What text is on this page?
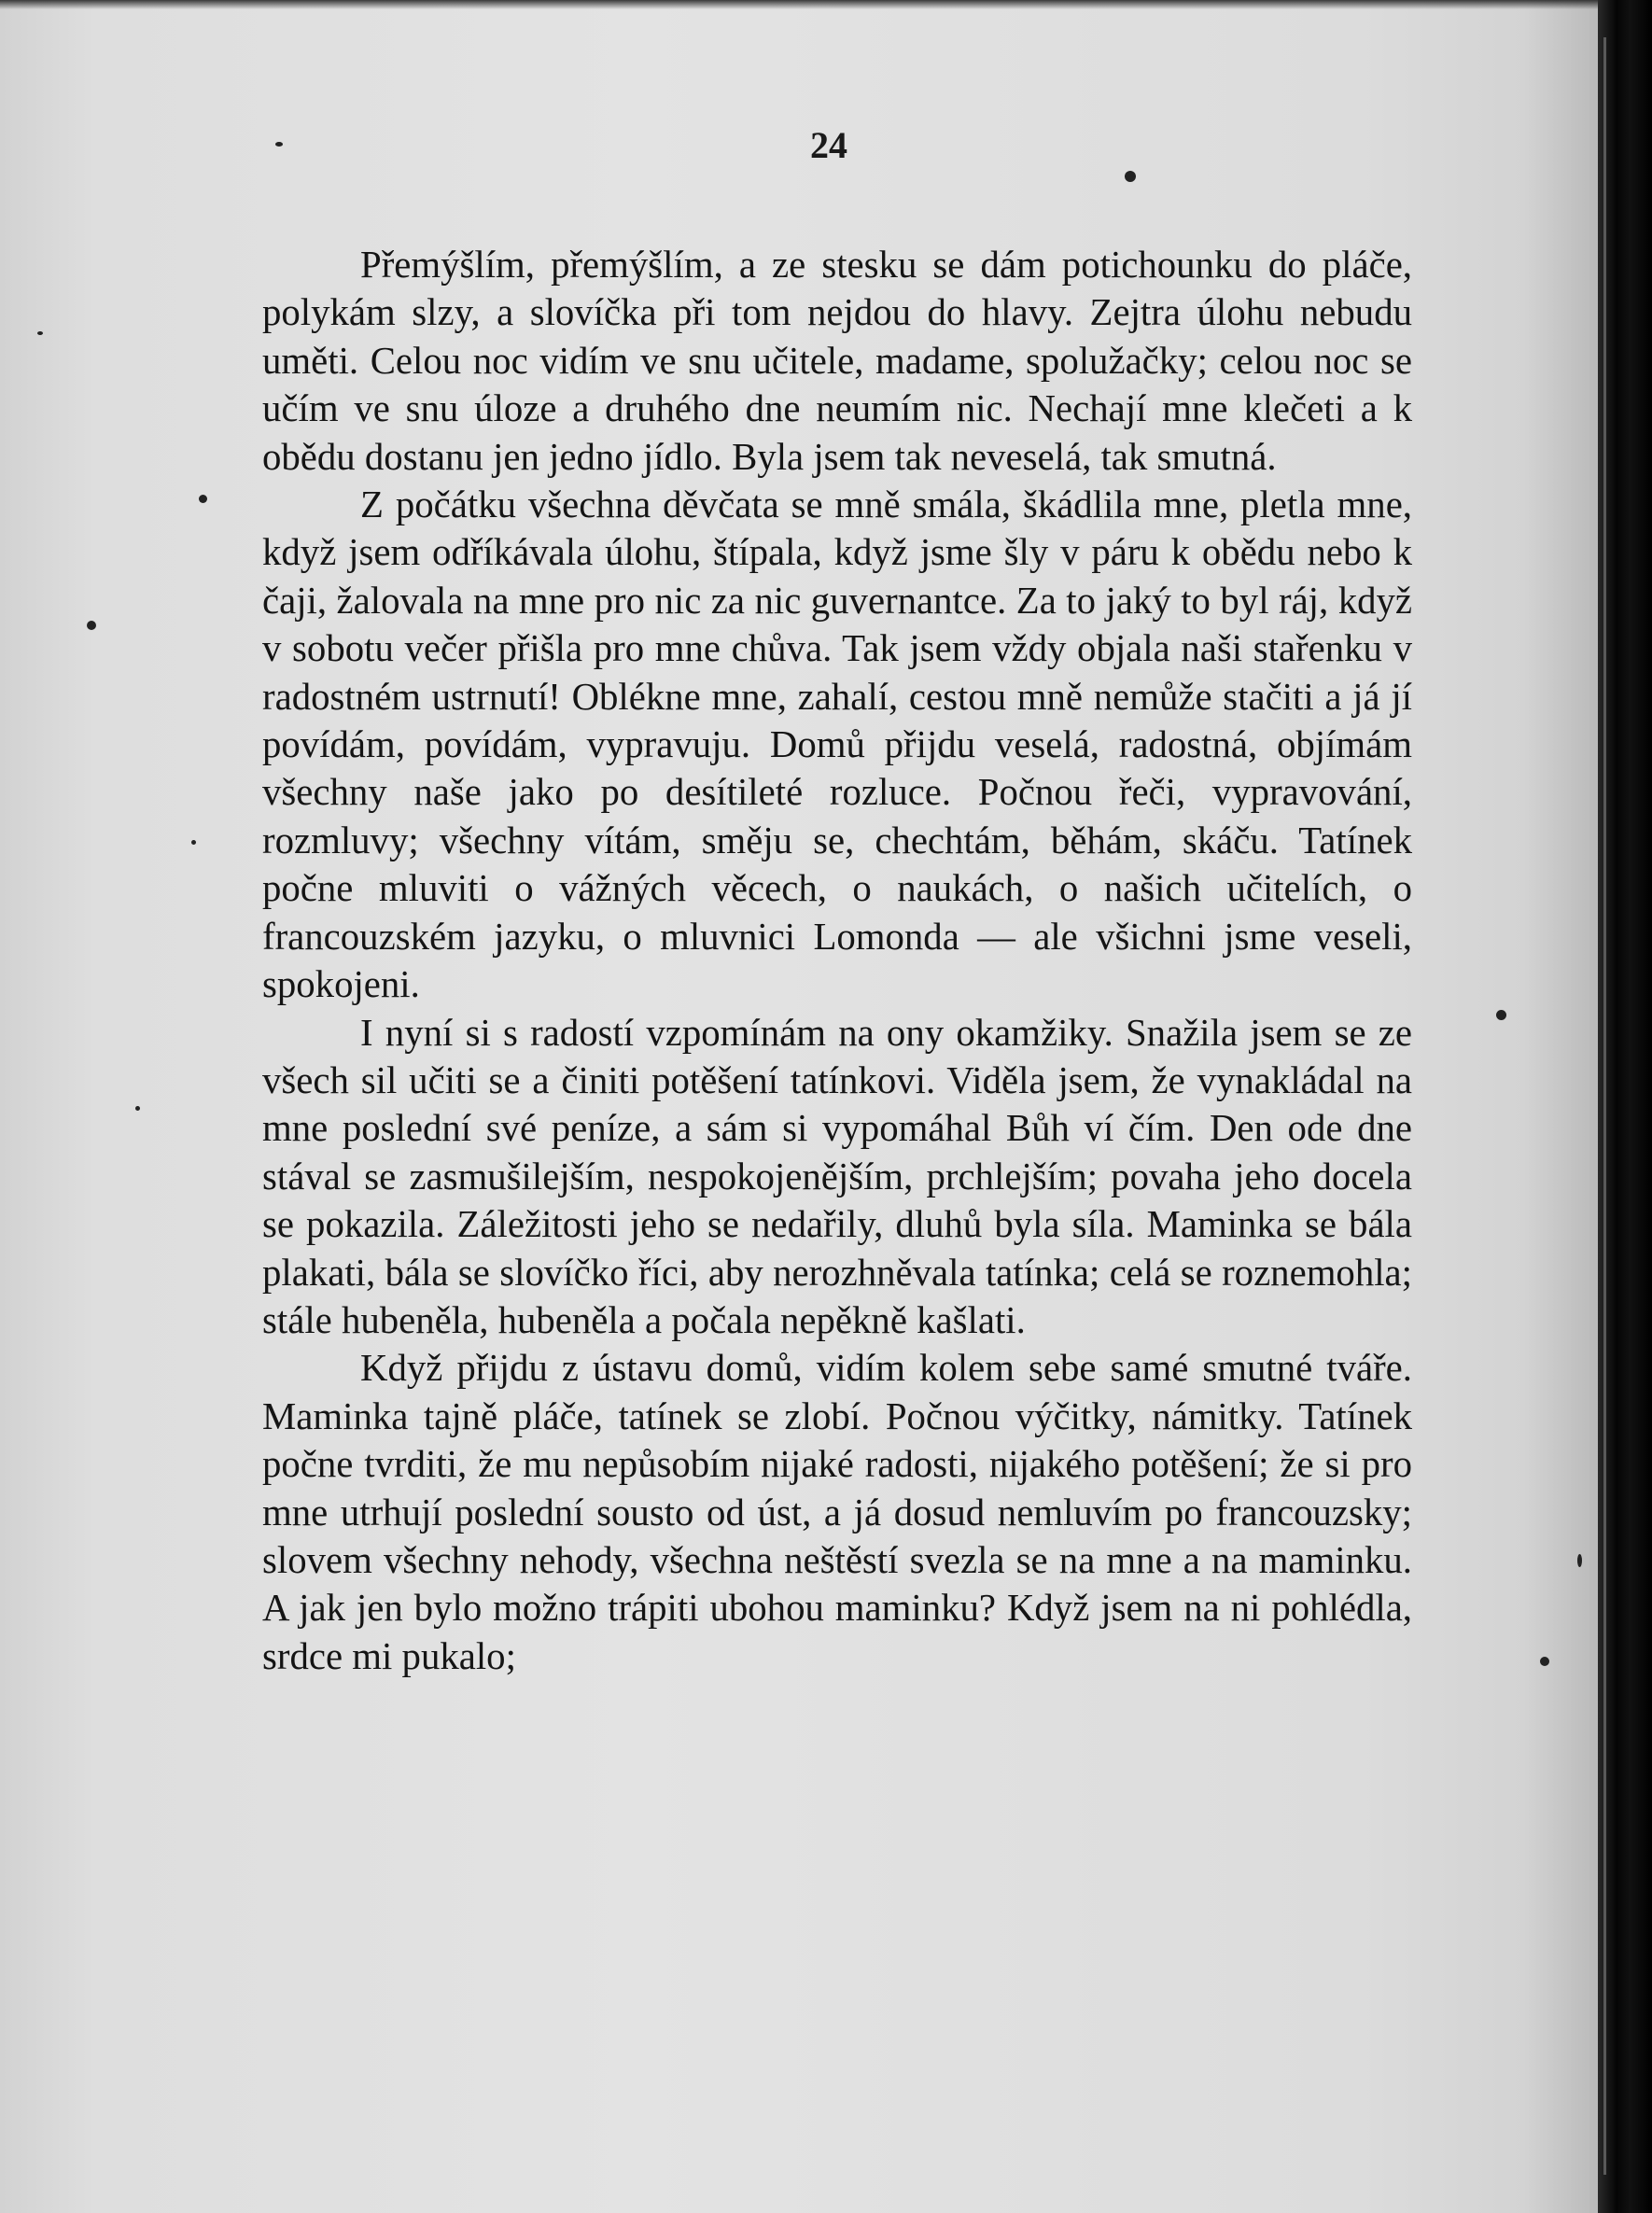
24

Přemýšlím, přemýšlím, a ze stesku se dám potichounku do pláče, polykám slzy, a slovíčka při tom nejdou do hlavy. Zejtra úlohu nebudu uměti. Celou noc vidím ve snu učitele, madame, spolužačky; celou noc se učím ve snu úloze a druhého dne neumím nic. Nechají mne klečeti a k obědu dostanu jen jedno jídlo. Byla jsem tak neveselá, tak smutná.

Z počátku všechna děvčata se mně smála, škádlila mne, pletla mne, když jsem odříkávala úlohu, štípala, když jsme šly v páru k obědu nebo k čaji, žalovala na mne pro nic za nic guvernantce. Za to jaký to byl ráj, když v sobotu večer přišla pro mne chůva. Tak jsem vždy objala naši stařenku v radostném ustrnutí! Oblékne mne, zahalí, cestou mně nemůže stačiti a já jí povídám, povídám, vypravuju. Domů přijdu veselá, radostná, objímám všechny naše jako po desítileté rozluce. Počnou řeči, vypravování, rozmluvy; všechny vítám, směju se, chechtám, běhám, skáču. Tatínek počne mluviti o vážných věcech, o naukách, o našich učitelích, o francouzském jazyku, o mluvnici Lomonda — ale všichni jsme veseli, spokojeni.

I nyní si s radostí vzpomínám na ony okamžiky. Snažila jsem se ze všech sil učiti se a činiti potěšení tatínkovi. Viděla jsem, že vynakládal na mne poslední své peníze, a sám si vypomáhal Bůh ví čím. Den ode dne stával se zasmušilejším, nespokojenějším, prchlejším; povaha jeho docela se pokazila. Záležitosti jeho se nedařily, dluhů byla síla. Maminka se bála plakati, bála se slovíčko říci, aby nerozhněvala tatínka; celá se roznemohla; stále hubeněla, hubeněla a počala nepěkně kašlati.

Když přijdu z ústavu domů, vidím kolem sebe samé smutné tváře. Maminka tajně pláče, tatínek se zlobí. Počnou výčitky, námitky. Tatínek počne tvrditi, že mu nepůsobím nijaké radosti, nijakého potěšení; že si pro mne utrhují poslední sousto od úst, a já dosud nemluvím po francouzsky; slovem všechny nehody, všechna neštěstí svezla se na mne a na maminku. A jak jen bylo možno trápiti ubohou maminku? Když jsem na ni pohlédla, srdce mi pukalo;
